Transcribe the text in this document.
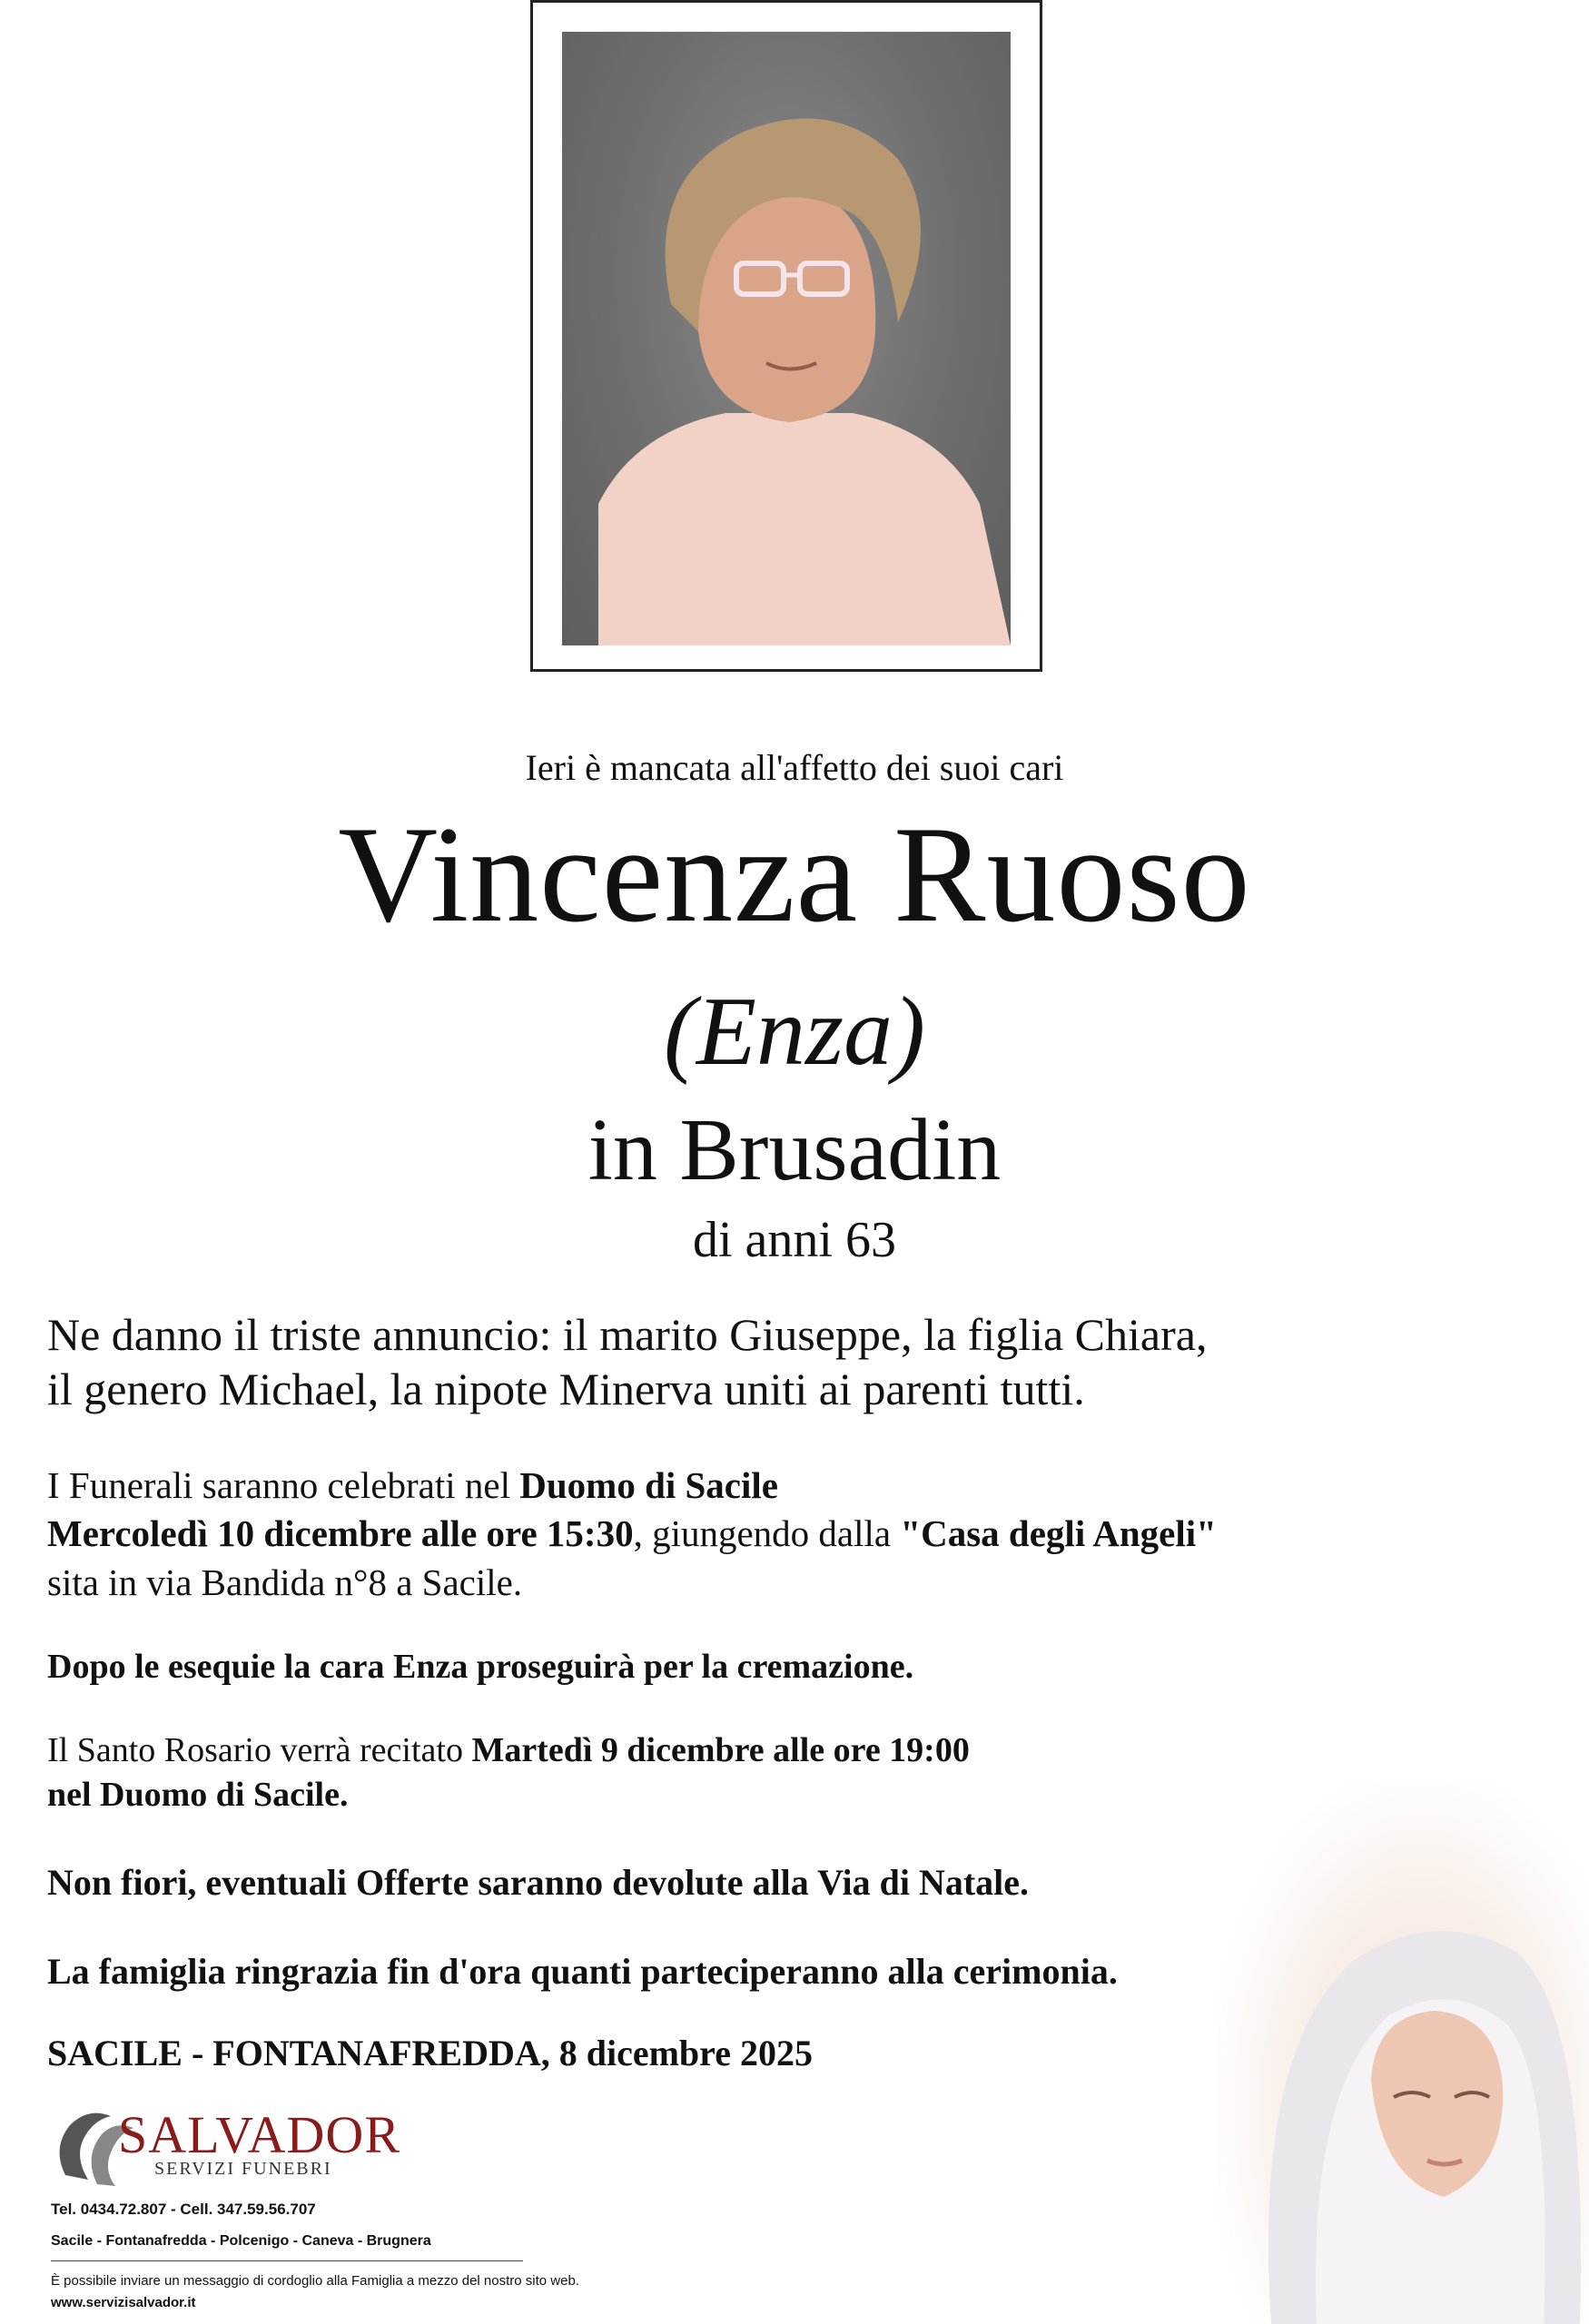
Ieri è mancata all'affetto dei suoi cari
Vincenza Ruoso
(Enza)
in Brusadin
di anni 63
Ne danno il triste annuncio: il marito Giuseppe, la figlia Chiara,
il genero Michael, la nipote Minerva uniti ai parenti tutti.
I Funerali saranno celebrati nel Duomo di Sacile
Mercoledì 10 dicembre alle ore 15:30, giungendo dalla "Casa degli Angeli"
sita in via Bandida n°8 a Sacile.
Dopo le esequie la cara Enza proseguirà per la cremazione.
Il Santo Rosario verrà recitato Martedì 9 dicembre alle ore 19:00
nel Duomo di Sacile.
Non fiori, eventuali Offerte saranno devolute alla Via di Natale.
La famiglia ringrazia fin d'ora quanti parteciperanno alla cerimonia.
SACILE - FONTANAFREDDA, 8 dicembre 2025
SALVADOR
SERVIZI FUNEBRI
Tel. 0434.72.807 - Cell. 347.59.56.707
Sacile - Fontanafredda - Polcenigo - Caneva - Brugnera
È possibile inviare un messaggio di cordoglio alla Famiglia a mezzo del nostro sito web.
www.servizisalvador.it
